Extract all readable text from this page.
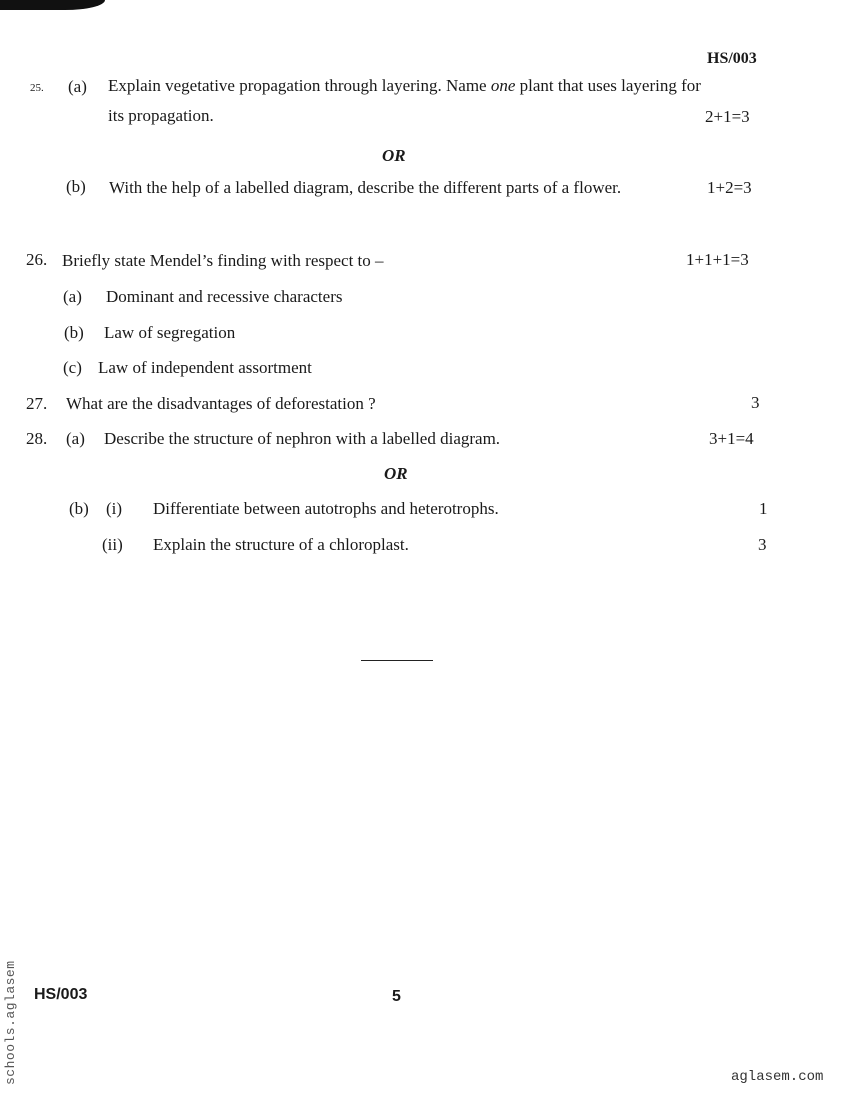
HS/003
25. (a) Explain vegetative propagation through layering. Name one plant that uses layering for
its propagation.	2+1=3
OR
(b) With the help of a labelled diagram, describe the different parts of a flower.	1+2=3
26. Briefly state Mendel’s finding with respect to –	1+1+1=3
(a) Dominant and recessive characters
(b) Law of segregation
(c) Law of independent assortment
27. What are the disadvantages of deforestation ?	3
28. (a) Describe the structure of nephron with a labelled diagram.	3+1=4
OR
(b) (i) Differentiate between autotrophs and heterotrophs.	1
(ii) Explain the structure of a chloroplast.	3
HS/003	5
aglasem.com
schools.aglasem
